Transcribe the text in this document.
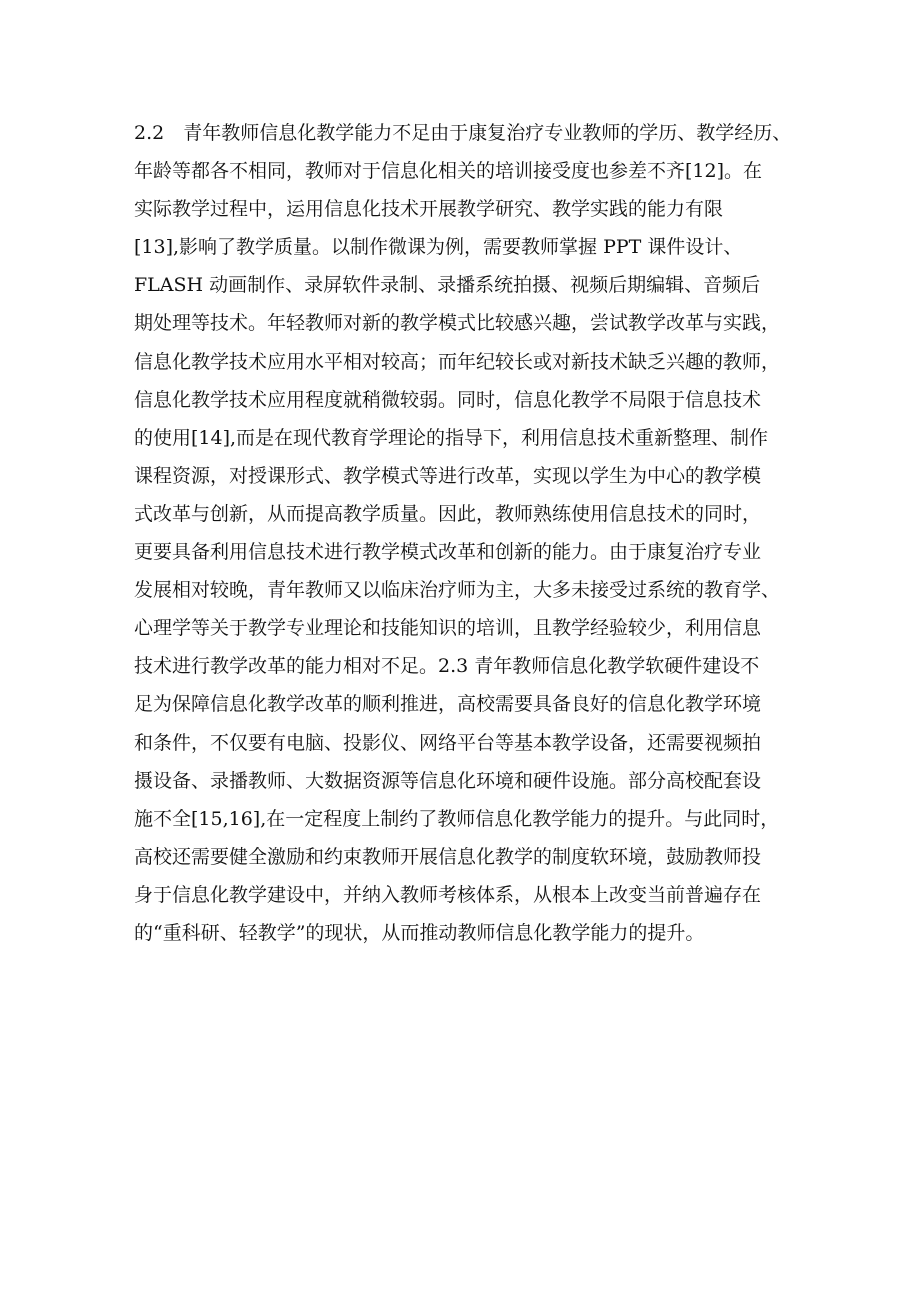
2.2　青年教师信息化教学能力不足由于康复治疗专业教师的学历、教学经历、
年龄等都各不相同，教师对于信息化相关的培训接受度也参差不齐[12]。在
实际教学过程中，运用信息化技术开展教学研究、教学实践的能力有限
[13],影响了教学质量。以制作微课为例，需要教师掌握 PPT 课件设计、
FLASH 动画制作、录屏软件录制、录播系统拍摄、视频后期编辑、音频后
期处理等技术。年轻教师对新的教学模式比较感兴趣，尝试教学改革与实践，
信息化教学技术应用水平相对较高；而年纪较长或对新技术缺乏兴趣的教师，
信息化教学技术应用程度就稍微较弱。同时，信息化教学不局限于信息技术
的使用[14],而是在现代教育学理论的指导下，利用信息技术重新整理、制作
课程资源，对授课形式、教学模式等进行改革，实现以学生为中心的教学模
式改革与创新，从而提高教学质量。因此，教师熟练使用信息技术的同时，
更要具备利用信息技术进行教学模式改革和创新的能力。由于康复治疗专业
发展相对较晚，青年教师又以临床治疗师为主，大多未接受过系统的教育学、
心理学等关于教学专业理论和技能知识的培训，且教学经验较少，利用信息
技术进行教学改革的能力相对不足。2.3 青年教师信息化教学软硬件建设不
足为保障信息化教学改革的顺利推进，高校需要具备良好的信息化教学环境
和条件，不仅要有电脑、投影仪、网络平台等基本教学设备，还需要视频拍
摄设备、录播教师、大数据资源等信息化环境和硬件设施。部分高校配套设
施不全[15,16],在一定程度上制约了教师信息化教学能力的提升。与此同时，
高校还需要健全激励和约束教师开展信息化教学的制度软环境，鼓励教师投
身于信息化教学建设中，并纳入教师考核体系，从根本上改变当前普遍存在
的“重科研、轻教学”的现状，从而推动教师信息化教学能力的提升。
